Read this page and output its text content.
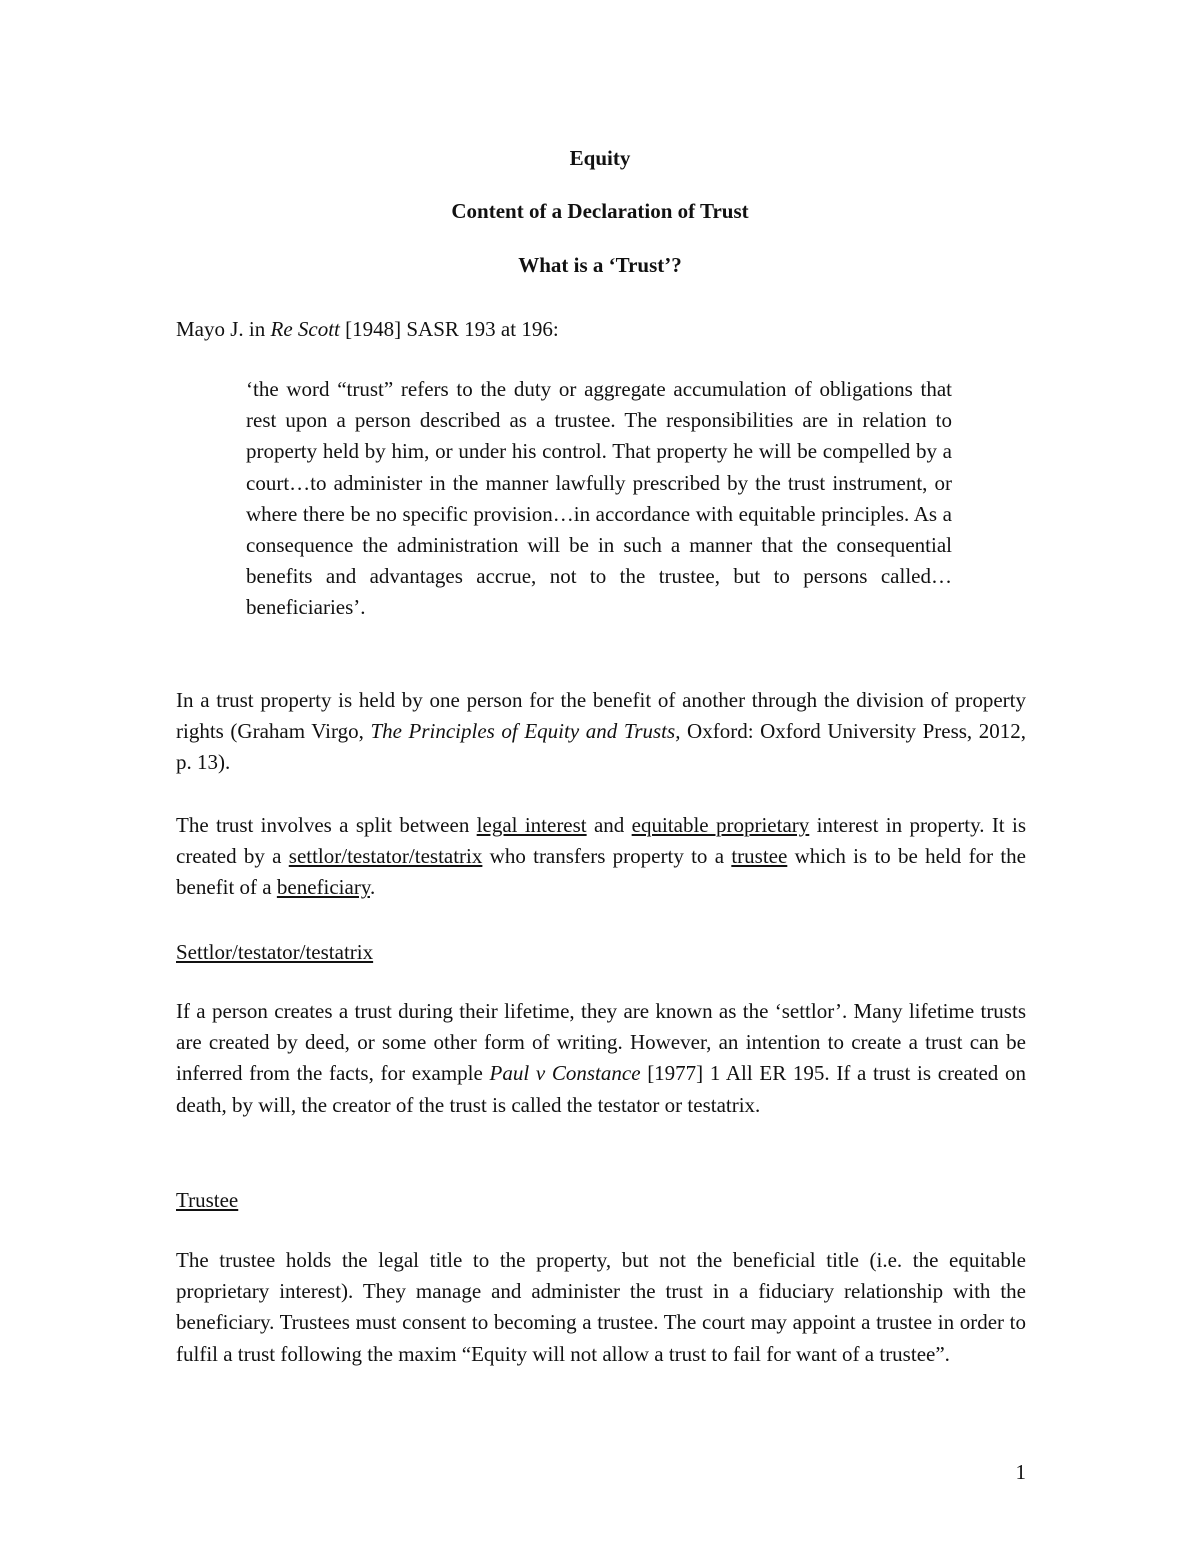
Equity
Content of a Declaration of Trust
What is a ‘Trust’?
Mayo J. in Re Scott [1948] SASR 193 at 196:
‘the word “trust” refers to the duty or aggregate accumulation of obligations that rest upon a person described as a trustee. The responsibilities are in relation to property held by him, or under his control. That property he will be compelled by a court…to administer in the manner lawfully prescribed by the trust instrument, or where there be no specific provision…in accordance with equitable principles. As a consequence the administration will be in such a manner that the consequential benefits and advantages accrue, not to the trustee, but to persons called…beneficiaries’.
In a trust property is held by one person for the benefit of another through the division of property rights (Graham Virgo, The Principles of Equity and Trusts, Oxford: Oxford University Press, 2012, p. 13).
The trust involves a split between legal interest and equitable proprietary interest in property. It is created by a settlor/testator/testatrix who transfers property to a trustee which is to be held for the benefit of a beneficiary.
Settlor/testator/testatrix
If a person creates a trust during their lifetime, they are known as the ‘settlor’. Many lifetime trusts are created by deed, or some other form of writing. However, an intention to create a trust can be inferred from the facts, for example Paul v Constance [1977] 1 All ER 195. If a trust is created on death, by will, the creator of the trust is called the testator or testatrix.
Trustee
The trustee holds the legal title to the property, but not the beneficial title (i.e. the equitable proprietary interest). They manage and administer the trust in a fiduciary relationship with the beneficiary. Trustees must consent to becoming a trustee. The court may appoint a trustee in order to fulfil a trust following the maxim “Equity will not allow a trust to fail for want of a trustee”.
1
